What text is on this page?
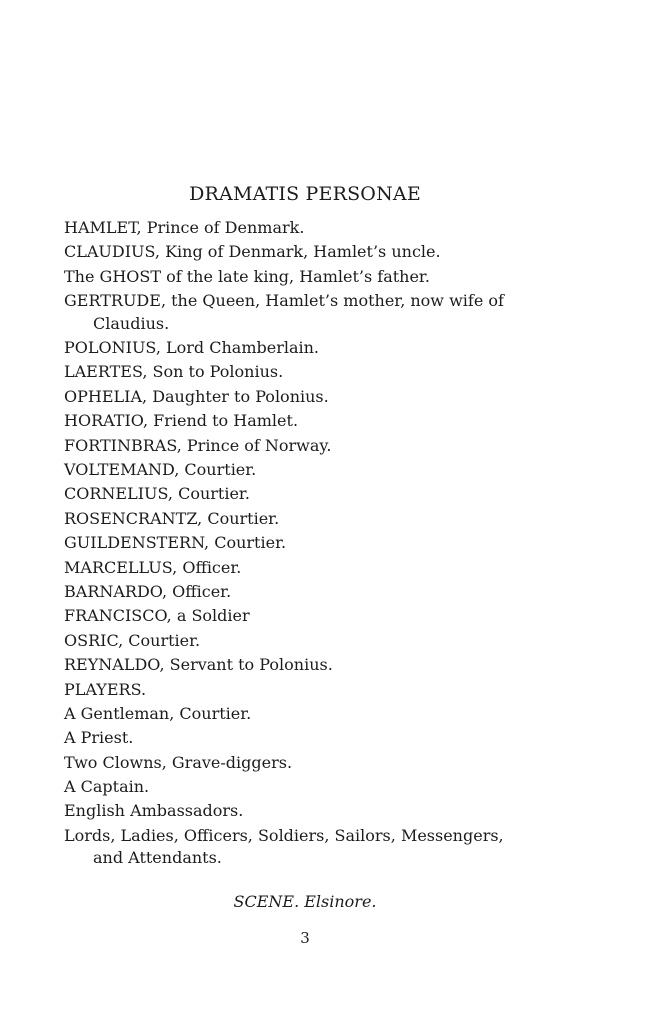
DRAMATIS PERSONAE
HAMLET, Prince of Denmark.
CLAUDIUS, King of Denmark, Hamlet’s uncle.
The GHOST of the late king, Hamlet’s father.
GERTRUDE, the Queen, Hamlet’s mother, now wife of Claudius.
POLONIUS, Lord Chamberlain.
LAERTES, Son to Polonius.
OPHELIA, Daughter to Polonius.
HORATIO, Friend to Hamlet.
FORTINBRAS, Prince of Norway.
VOLTEMAND, Courtier.
CORNELIUS, Courtier.
ROSENCRANTZ, Courtier.
GUILDENSTERN, Courtier.
MARCELLUS, Officer.
BARNARDO, Officer.
FRANCISCO, a Soldier
OSRIC, Courtier.
REYNALDO, Servant to Polonius.
PLAYERS.
A Gentleman, Courtier.
A Priest.
Two Clowns, Grave-diggers.
A Captain.
English Ambassadors.
Lords, Ladies, Officers, Soldiers, Sailors, Messengers, and Attendants.
SCENE. Elsinore.
3
